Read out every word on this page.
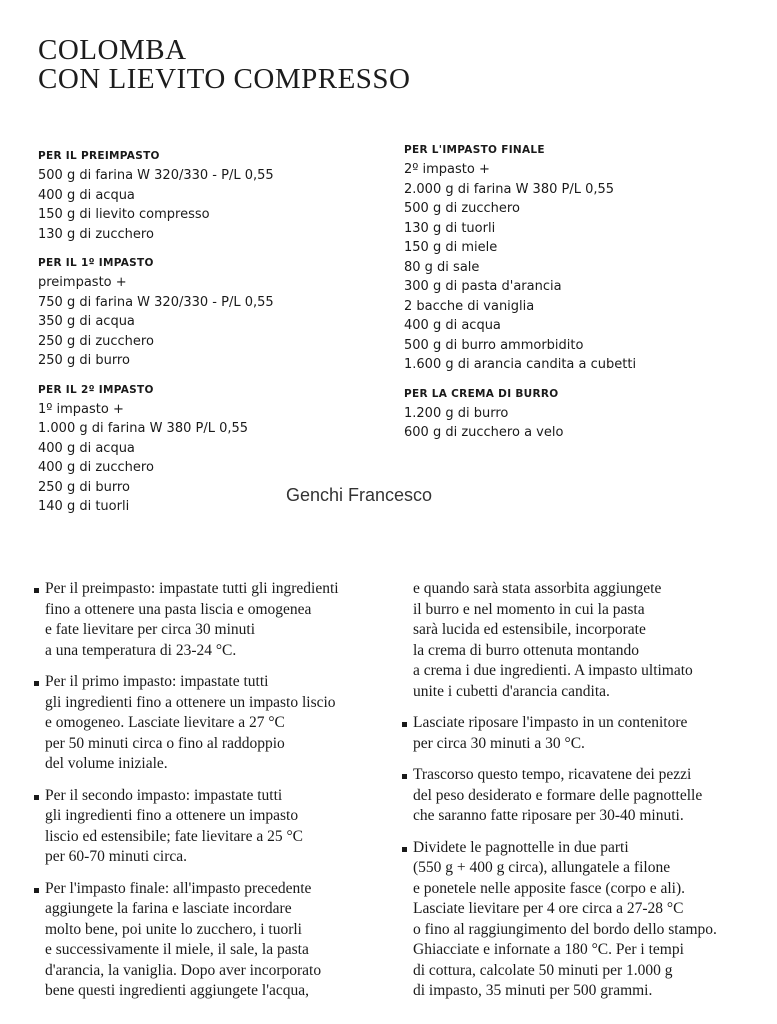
COLOMBA
CON LIEVITO COMPRESSO
PER IL PREIMPASTO
500 g di farina W 320/330 - P/L 0,55
400 g di acqua
150 g di lievito compresso
130 g di zucchero
PER IL 1º IMPASTO
preimpasto +
750 g di farina W 320/330 - P/L 0,55
350 g di acqua
250 g di zucchero
250 g di burro
PER IL 2º IMPASTO
1º impasto +
1.000 g di farina W 380 P/L 0,55
400 g di acqua
400 g di zucchero
250 g di burro
140 g di tuorli
PER L'IMPASTO FINALE
2º impasto +
2.000 g di farina W 380 P/L 0,55
500 g di zucchero
130 g di tuorli
150 g di miele
80 g di sale
300 g di pasta d'arancia
2 bacche di vaniglia
400 g di acqua
500 g di burro ammorbidito
1.600 g di arancia candita a cubetti
PER LA CREMA DI BURRO
1.200 g di burro
600 g di zucchero a velo
Genchi Francesco
Per il preimpasto: impastate tutti gli ingredienti
fino a ottenere una pasta liscia e omogenea
e fate lievitare per circa 30 minuti
a una temperatura di 23-24 °C.
Per il primo impasto: impastate tutti
gli ingredienti fino a ottenere un impasto liscio
e omogeneo. Lasciate lievitare a 27 °C
per 50 minuti circa o fino al raddoppio
del volume iniziale.
Per il secondo impasto: impastate tutti
gli ingredienti fino a ottenere un impasto
liscio ed estensibile; fate lievitare a 25 °C
per 60-70 minuti circa.
Per l'impasto finale: all'impasto precedente
aggiungete la farina e lasciate incordare
molto bene, poi unite lo zucchero, i tuorli
e successivamente il miele, il sale, la pasta
d'arancia, la vaniglia. Dopo aver incorporato
bene questi ingredienti aggiungete l'acqua,
e quando sarà stata assorbita aggiungete
il burro e nel momento in cui la pasta
sarà lucida ed estensibile, incorporate
la crema di burro ottenuta montando
a crema i due ingredienti. A impasto ultimato
unite i cubetti d'arancia candita.
Lasciate riposare l'impasto in un contenitore
per circa 30 minuti a 30 °C.
Trascorso questo tempo, ricavatene dei pezzi
del peso desiderato e formare delle pagnottelle
che saranno fatte riposare per 30-40 minuti.
Dividete le pagnottelle in due parti
(550 g + 400 g circa), allungatele a filone
e ponetele nelle apposite fasce (corpo e ali).
Lasciate lievitare per 4 ore circa a 27-28 °C
o fino al raggiungimento del bordo dello stampo.
Ghiacciate e infornate a 180 °C. Per i tempi
di cottura, calcolate 50 minuti per 1.000 g
di impasto, 35 minuti per 500 grammi.
